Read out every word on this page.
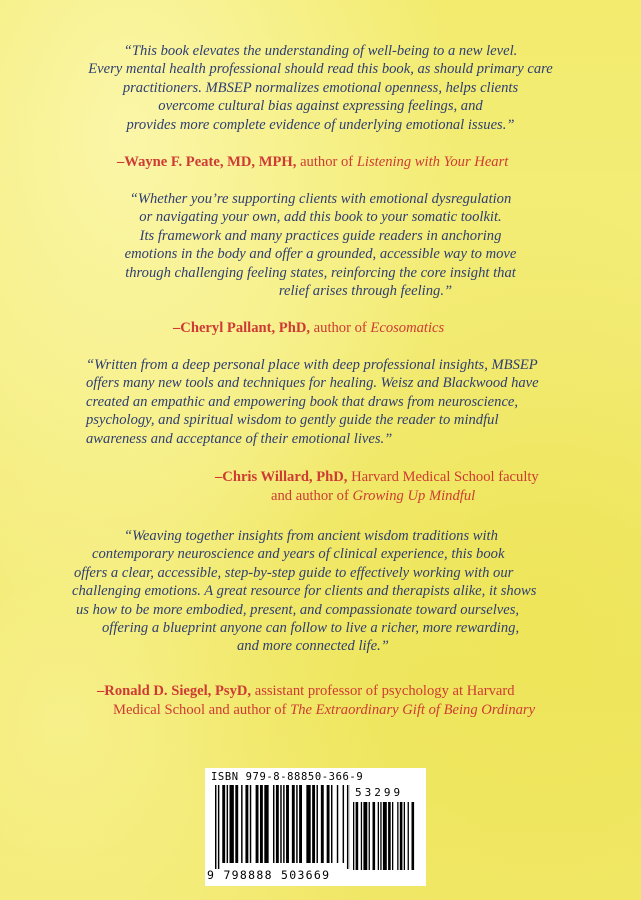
“This book elevates the understanding of well-being to a new level.
Every mental health professional should read this book, as should primary care
practitioners. MBSEP normalizes emotional openness, helps clients
overcome cultural bias against expressing feelings, and
provides more complete evidence of underlying emotional issues.”
–Wayne F. Peate, MD, MPH, author of Listening with Your Heart
“Whether you’re supporting clients with emotional dysregulation
or navigating your own, add this book to your somatic toolkit.
Its framework and many practices guide readers in anchoring
emotions in the body and offer a grounded, accessible way to move
through challenging feeling states, reinforcing the core insight that
relief arises through feeling.”
–Cheryl Pallant, PhD, author of Ecosomatics
“Written from a deep personal place with deep professional insights, MBSEP
offers many new tools and techniques for healing. Weisz and Blackwood have
created an empathic and empowering book that draws from neuroscience,
psychology, and spiritual wisdom to gently guide the reader to mindful
awareness and acceptance of their emotional lives.”
–Chris Willard, PhD, Harvard Medical School faculty
and author of Growing Up Mindful
“Weaving together insights from ancient wisdom traditions with
contemporary neuroscience and years of clinical experience, this book
offers a clear, accessible, step-by-step guide to effectively working with our
challenging emotions. A great resource for clients and therapists alike, it shows
us how to be more embodied, present, and compassionate toward ourselves,
offering a blueprint anyone can follow to live a richer, more rewarding,
and more connected life.”
–Ronald D. Siegel, PsyD, assistant professor of psychology at Harvard
Medical School and author of The Extraordinary Gift of Being Ordinary
ISBN 979-8-88850-366-9
53299
9 798888 503669
